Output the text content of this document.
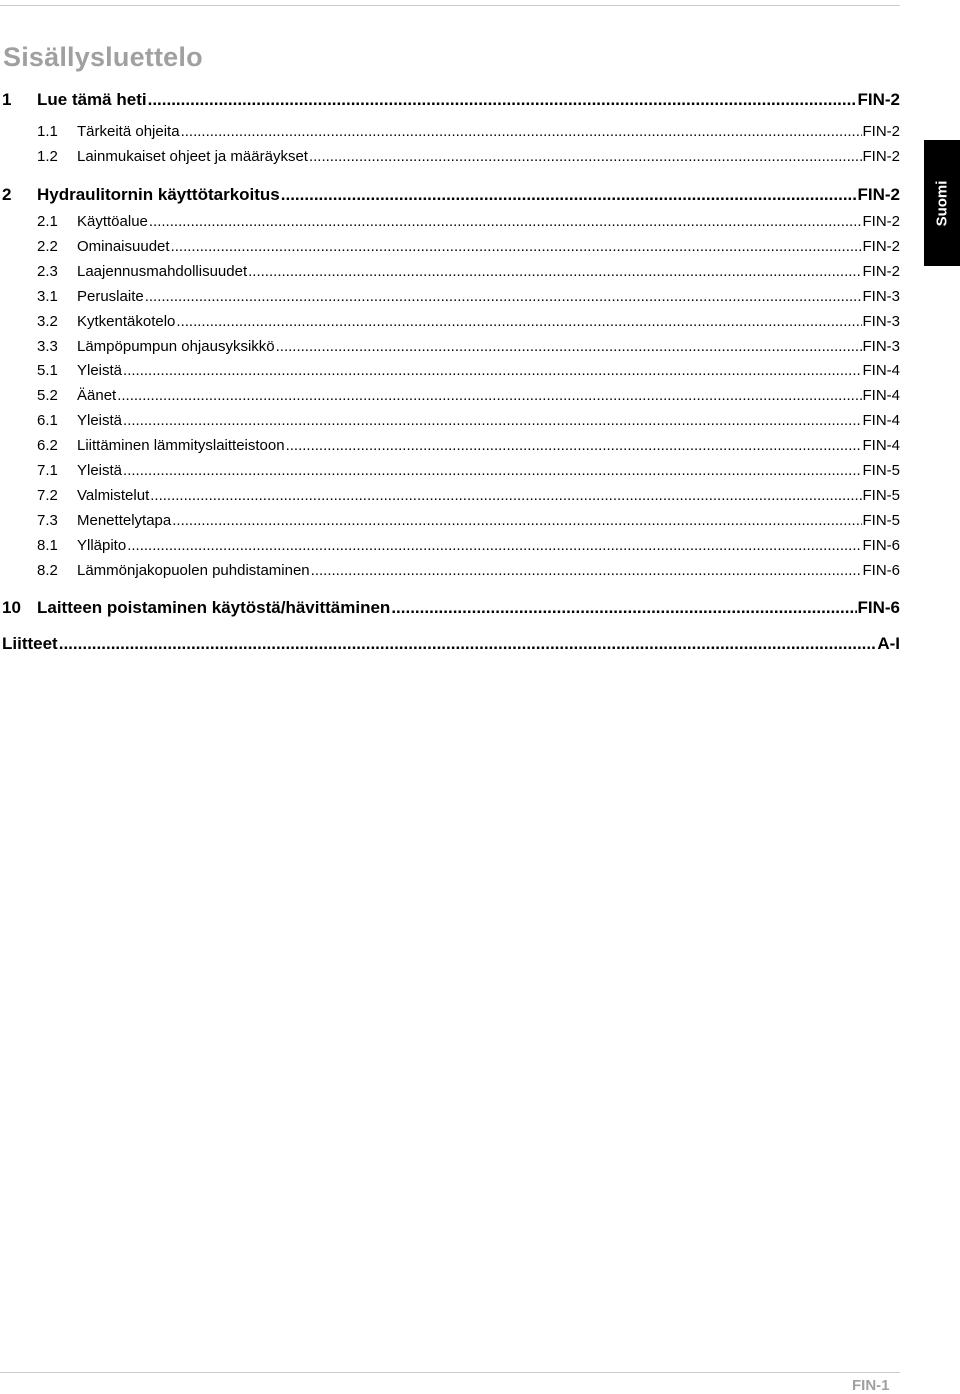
Sisällysluettelo
1	Lue tämä heti .....	FIN-2
1.1	Tärkeitä ohjeita .....	FIN-2
1.2	Lainmukaiset ohjeet ja määräykset .....	FIN-2
2	Hydraulitornin käyttötarkoitus .....	FIN-2
2.1	Käyttöalue .....	FIN-2
2.2	Ominaisuudet .....	FIN-2
2.3	Laajennusmahdollisuudet .....	FIN-2
3.1	Peruslaite .....	FIN-3
3.2	Kytkentäkotelo .....	FIN-3
3.3	Lämpöpumpun ohjausyksikkö .....	FIN-3
5.1	Yleistä .....	FIN-4
5.2	Äänet .....	FIN-4
6.1	Yleistä .....	FIN-4
6.2	Liittäminen lämmityslaitteistoon .....	FIN-4
7.1	Yleistä .....	FIN-5
7.2	Valmistelut .....	FIN-5
7.3	Menettelytapa .....	FIN-5
8.1	Ylläpito .....	FIN-6
8.2	Lämmönjakopuolen puhdistaminen .....	FIN-6
10 Laitteen poistaminen käytöstä/hävittäminen .....	FIN-6
Liitteet .....	A-I
Suomi
FIN-1
